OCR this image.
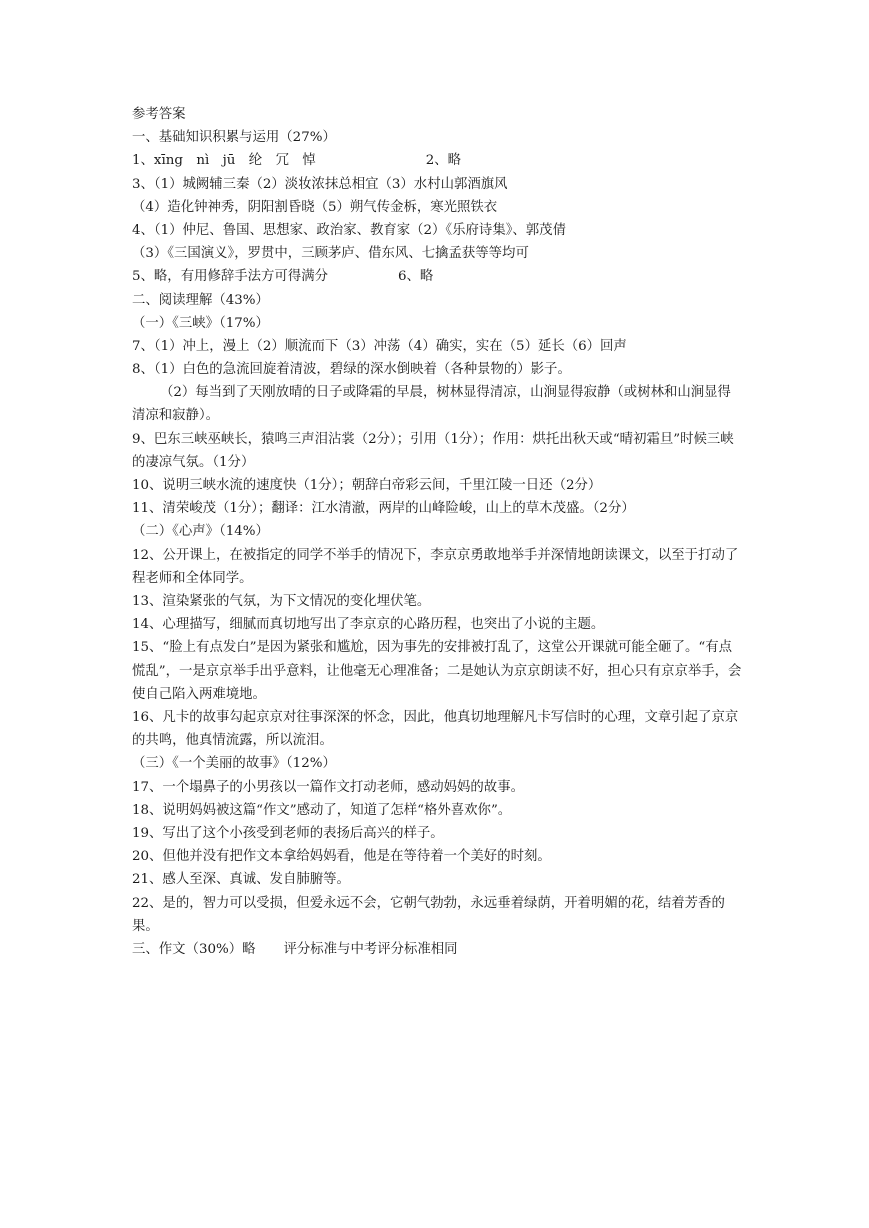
参考答案
一、基础知识积累与运用（27%）
1、xīng　nì　jū　纶　冗　悼	2、略
3、（1）城阙辅三秦（2）淡妆浓抹总相宜（3）水村山郭酒旗风
（4）造化钟神秀，阴阳割昏晓（5）朔气传金柝，寒光照铁衣
4、（1）仲尼、鲁国、思想家、政治家、教育家（2）《乐府诗集》、郭茂倩
（3）《三国演义》，罗贯中，三顾茅庐、借东风、七擒孟获等等均可
5、略，有用修辞手法方可得满分	6、略
二、阅读理解（43%）
（一）《三峡》（17%）
7、（1）冲上，漫上（2）顺流而下（3）冲荡（4）确实，实在（5）延长（6）回声
8、（1）白色的急流回旋着清波，碧绿的深水倒映着（各种景物的）影子。
（2）每当到了天刚放晴的日子或降霜的早晨，树林显得清凉，山涧显得寂静（或树林和山涧显得清凉和寂静）。
9、巴东三峡巫峡长，猿鸣三声泪沾裳（2分）；引用（1分）；作用：烘托出秋天或“晴初霜旦”时候三峡的凄凉气氛。（1分）
10、说明三峡水流的速度快（1分）；朝辞白帝彩云间，千里江陵一日还（2分）
11、清荣峻茂（1分）；翻译：江水清澈，两岸的山峰险峻，山上的草木茂盛。（2分）
（二）《心声》（14%）
12、公开课上，在被指定的同学不举手的情况下，李京京勇敢地举手并深情地朗读课文，以至于打动了程老师和全体同学。
13、渲染紧张的气氛，为下文情况的变化埋伏笔。
14、心理描写，细腻而真切地写出了李京京的心路历程，也突出了小说的主题。
15、“脸上有点发白”是因为紧张和尴尬，因为事先的安排被打乱了，这堂公开课就可能全砸了。“有点慌乱”，一是京京举手出乎意料，让他毫无心理准备；二是她认为京京朗读不好，担心只有京京举手，会使自己陷入两难境地。
16、凡卡的故事勾起京京对往事深深的怀念，因此，他真切地理解凡卡写信时的心理，文章引起了京京的共鸣，他真情流露，所以流泪。
（三）《一个美丽的故事》（12%）
17、一个塌鼻子的小男孩以一篇作文打动老师，感动妈妈的故事。
18、说明妈妈被这篇“作文”感动了，知道了怎样“格外喜欢你”。
19、写出了这个小孩受到老师的表扬后高兴的样子。
20、但他并没有把作文本拿给妈妈看，他是在等待着一个美好的时刻。
21、感人至深、真诚、发自肺腑等。
22、是的，智力可以受损，但爱永远不会，它朝气勃勃，永远垂着绿荫，开着明媚的花，结着芳香的果。
三、作文（30%）略 评分标准与中考评分标准相同
